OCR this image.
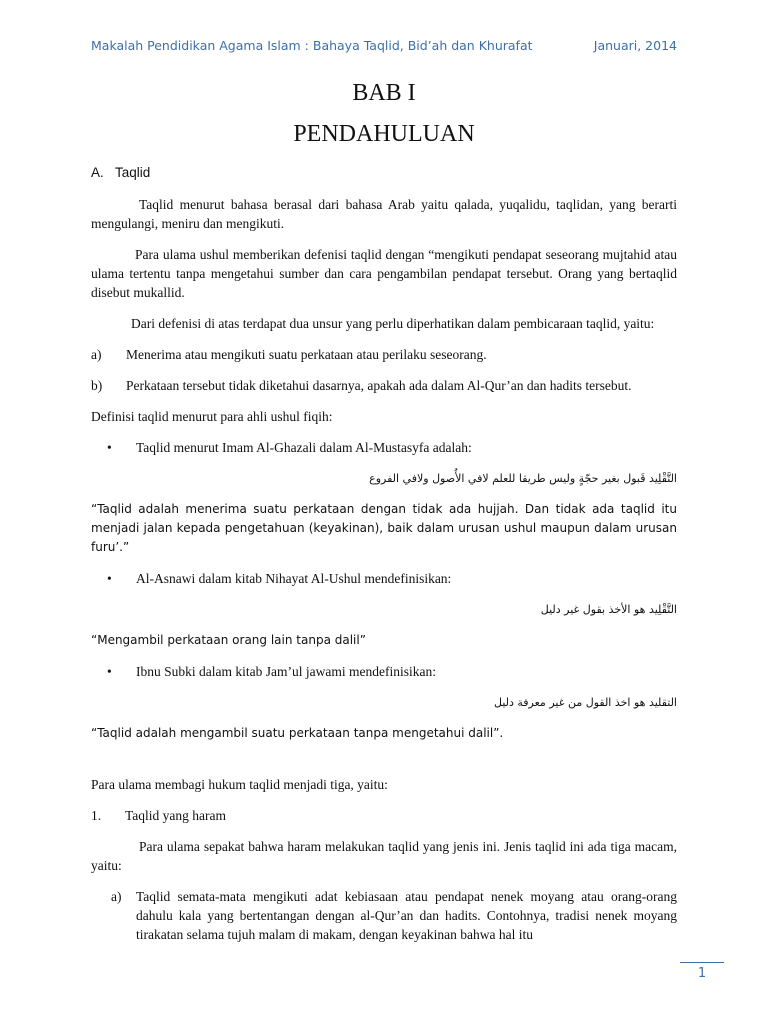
Makalah Pendidikan Agama Islam : Bahaya Taqlid, Bid’ah dan Khurafat	Januari, 2014
BAB I
PENDAHULUAN
A. Taqlid

Taqlid menurut bahasa berasal dari bahasa Arab yaitu qalada, yuqalidu, taqlidan, yang berarti mengulangi, meniru dan mengikuti.

Para ulama ushul memberikan defenisi taqlid dengan “mengikuti pendapat seseorang mujtahid atau ulama tertentu tanpa mengetahui sumber dan cara pengambilan pendapat tersebut. Orang yang bertaqlid disebut mukallid.

Dari defenisi di atas terdapat dua unsur yang perlu diperhatikan dalam pembicaraan taqlid, yaitu:

a)	Menerima atau mengikuti suatu perkataan atau perilaku seseorang.
b)	Perkataan tersebut tidak diketahui dasarnya, apakah ada dalam Al-Qur’an dan hadits tersebut.

Definisi taqlid menurut para ahli ushul fiqih:

•	Taqlid menurut Imam Al-Ghazali dalam Al-Mustasyfa adalah:

التَّقْلِيد قَبول بغير حجّةٍ وليس طريقا للعلم لافي الأُصول ولافي الفروع

“Taqlid adalah menerima suatu perkataan dengan tidak ada hujjah. Dan tidak ada taqlid itu menjadi jalan kepada pengetahuan (keyakinan), baik dalam urusan ushul maupun dalam urusan furu’.”

•	Al-Asnawi dalam kitab Nihayat Al-Ushul mendefinisikan:

التَّقْلِيد هو الأخذ بقول غير دليل

“Mengambil perkataan orang lain tanpa dalil”

•	Ibnu Subki dalam kitab Jam’ul jawami mendefinisikan:

التقليد هو اخذ القول من غير معرفة دليل

“Taqlid adalah mengambil suatu perkataan tanpa mengetahui dalil”.

Para ulama membagi hukum taqlid menjadi tiga, yaitu:

1.	Taqlid yang haram

Para ulama sepakat bahwa haram melakukan taqlid yang jenis ini. Jenis taqlid ini ada tiga macam, yaitu:

a)	Taqlid semata-mata mengikuti adat kebiasaan atau pendapat nenek moyang atau orang-orang dahulu kala yang bertentangan dengan al-Qur’an dan hadits. Contohnya, tradisi nenek moyang tirakatan selama tujuh malam di makam, dengan keyakinan bahwa hal itu
1
